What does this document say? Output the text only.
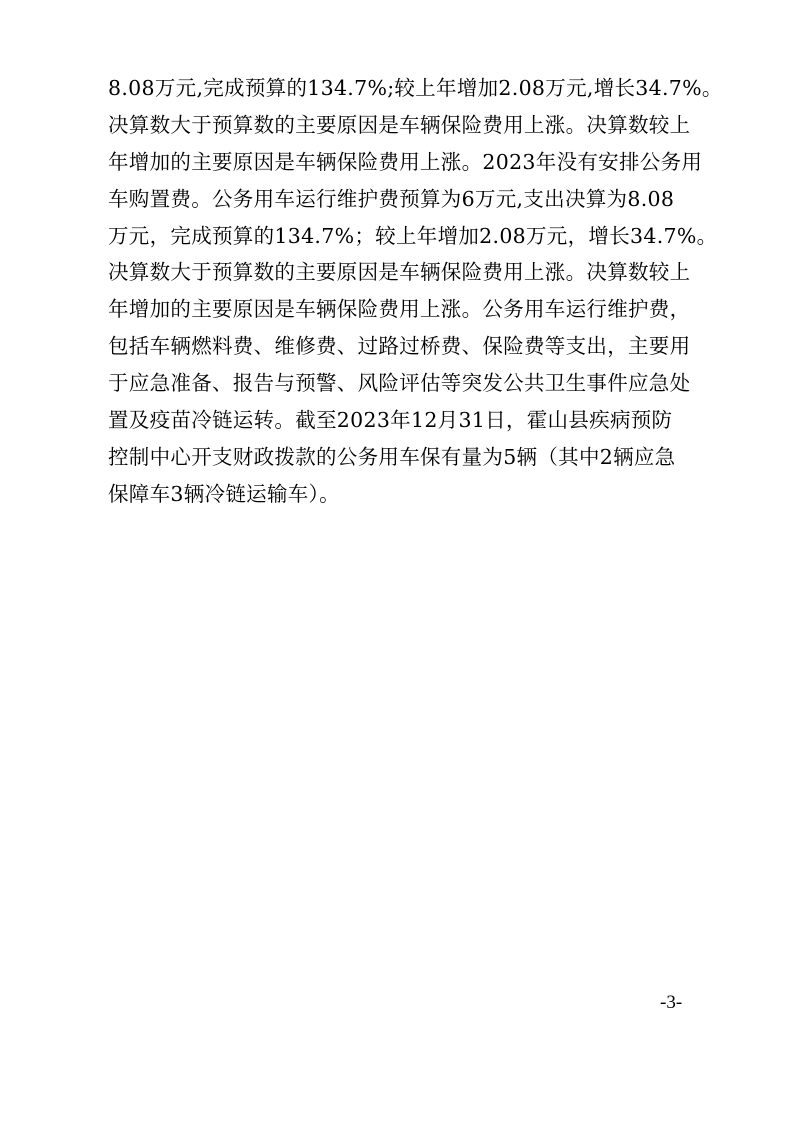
8.08万元,完成预算的134.7%;较上年增加2.08万元,增长34.7%。
决算数大于预算数的主要原因是车辆保险费用上涨。决算数较上
年增加的主要原因是车辆保险费用上涨。2023年没有安排公务用
车购置费。公务用车运行维护费预算为6万元,支出决算为8.08
万元，完成预算的134.7%；较上年增加2.08万元，增长34.7%。
决算数大于预算数的主要原因是车辆保险费用上涨。决算数较上
年增加的主要原因是车辆保险费用上涨。公务用车运行维护费，
包括车辆燃料费、维修费、过路过桥费、保险费等支出，主要用
于应急准备、报告与预警、风险评估等突发公共卫生事件应急处
置及疫苗冷链运转。截至2023年12月31日，霍山县疾病预防
控制中心开支财政拨款的公务用车保有量为5辆（其中2辆应急
保障车3辆冷链运输车）。
-3-
